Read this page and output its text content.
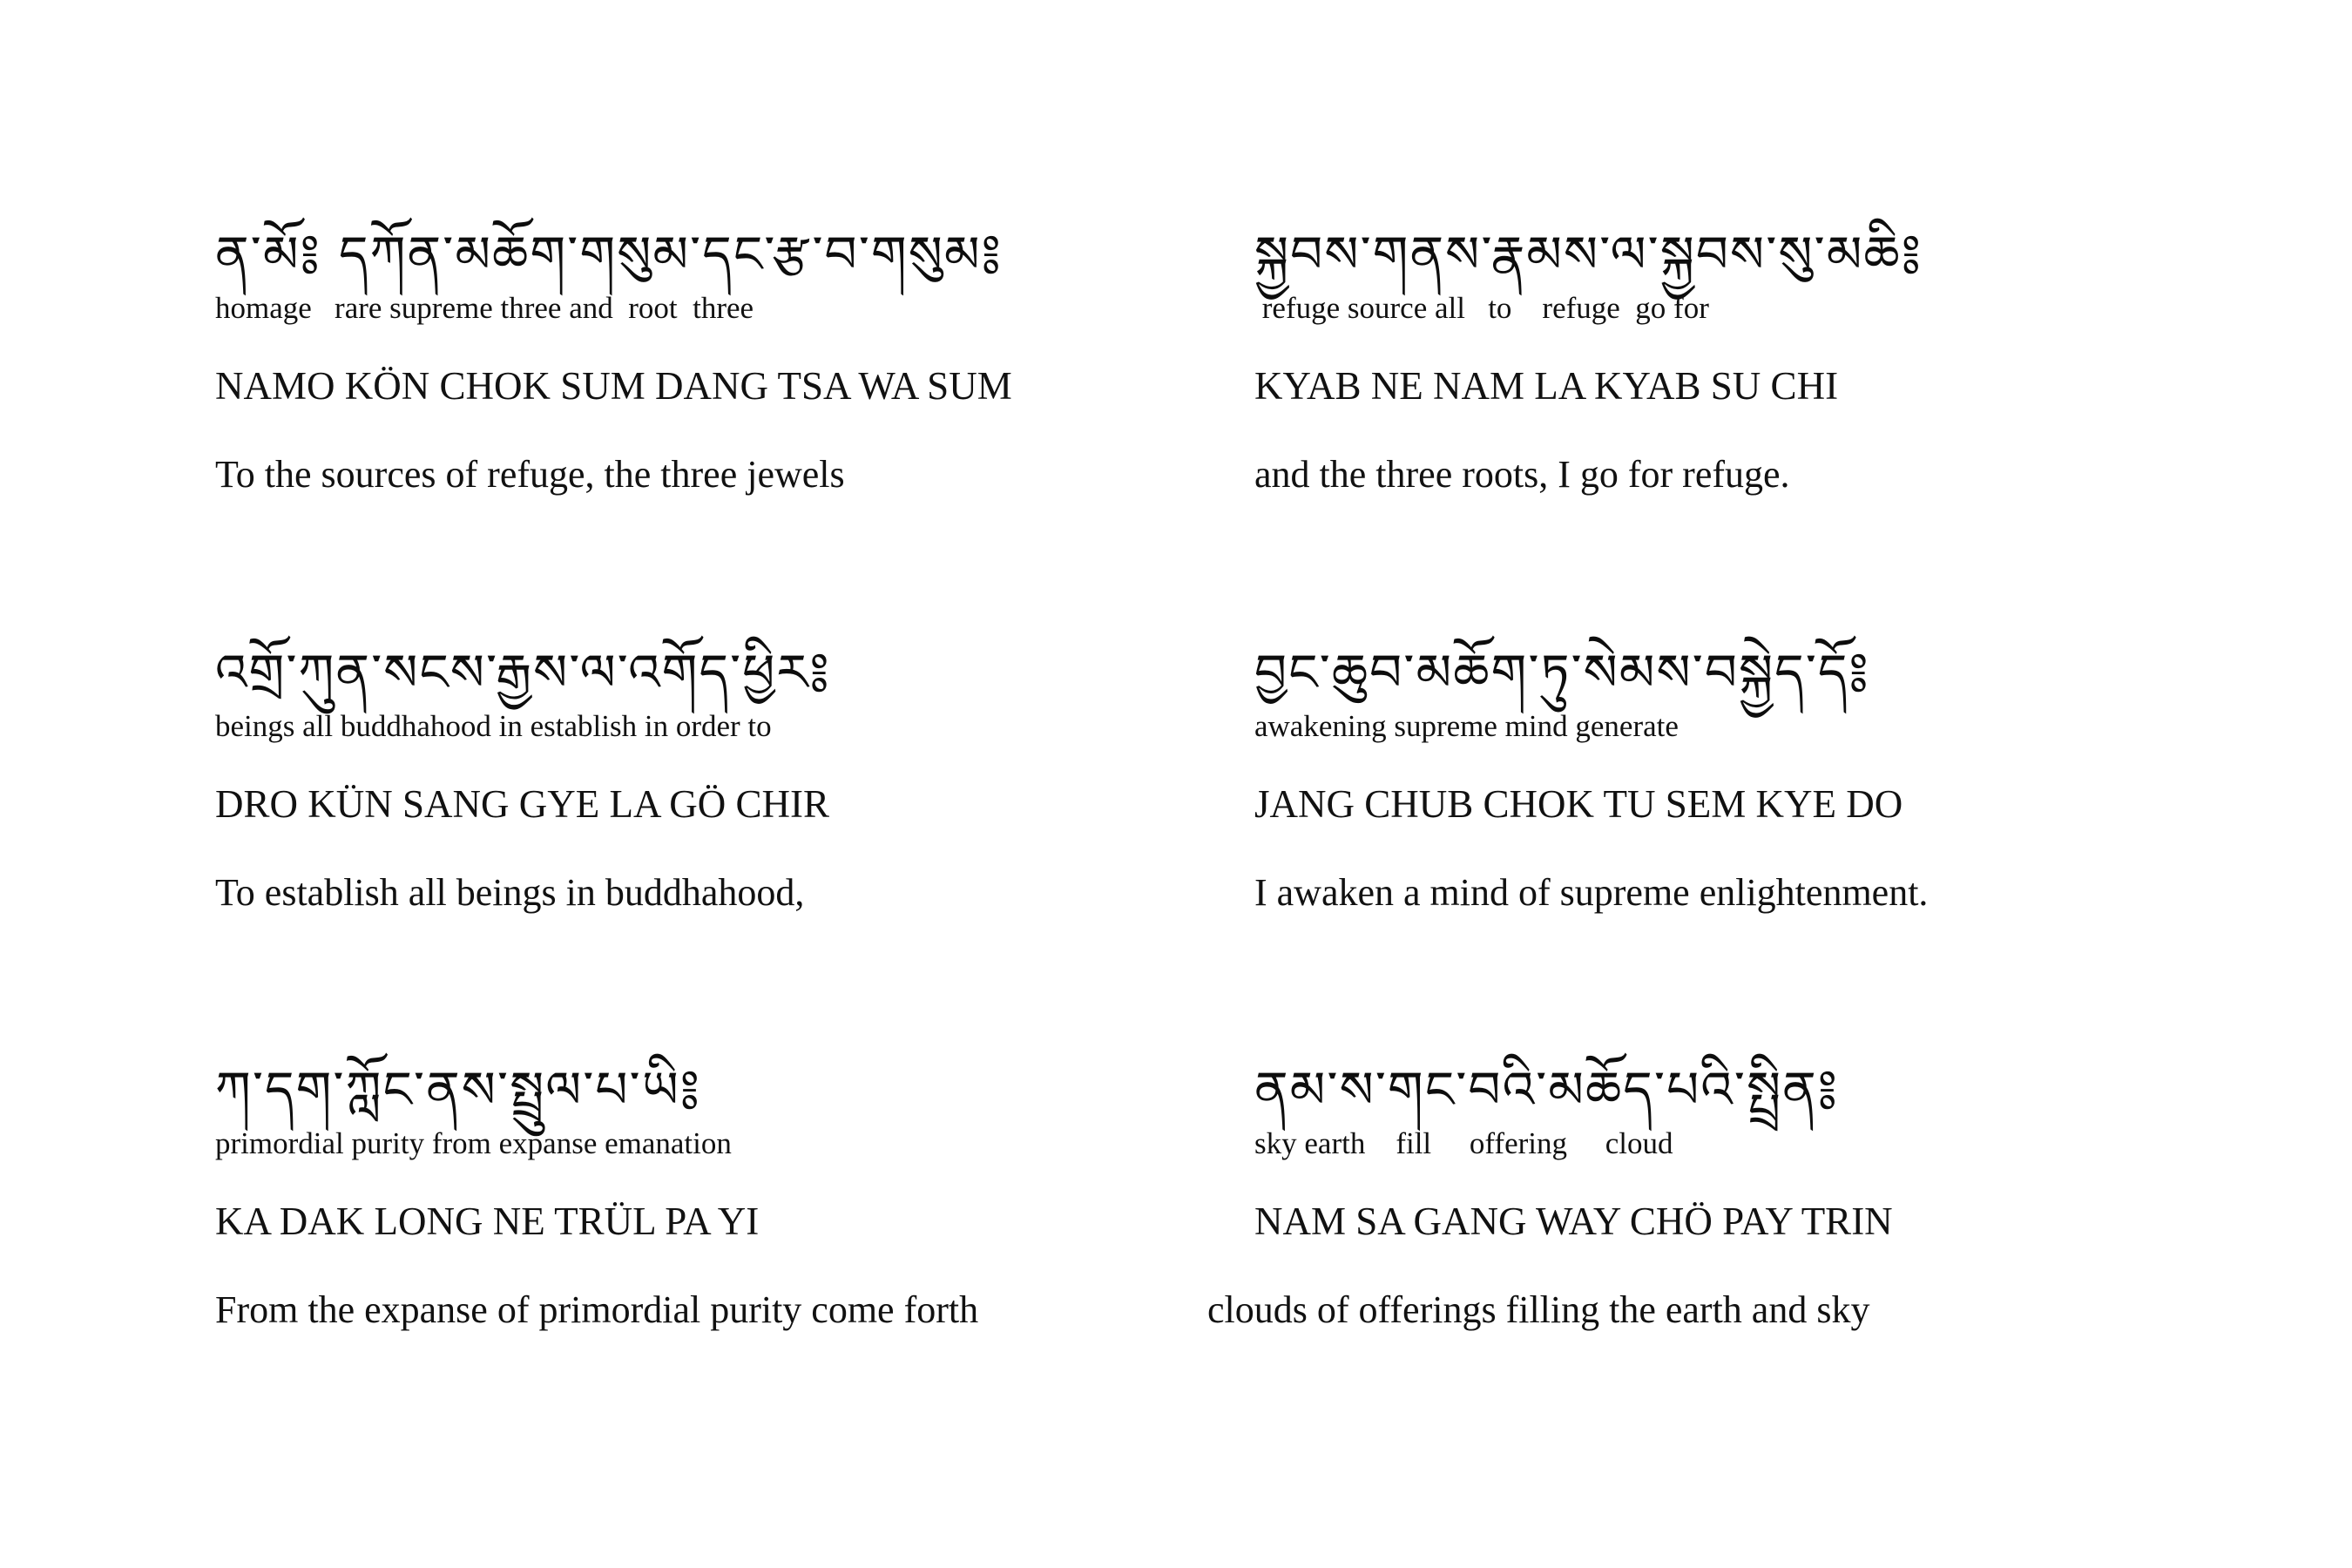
ན་མོ༔ དཀོན་མཆོག་གསུམ་དང་རྩ་བ་གསུམ༔
homage   rare supreme three and  root  three
NAMO KÖN CHOK SUM DANG TSA WA SUM
To the sources of refuge, the three jewels
སྐྱབས་གནས་རྣམས་ལ་སྐྱབས་སུ་མཆི༔
refuge source all   to    refuge  go for
KYAB NE NAM LA KYAB SU CHI
and the three roots, I go for refuge.
འགྲོ་ཀུན་སངས་རྒྱས་ལ་འགོད་ཕྱིར༔
beings all buddhahood in establish in order to
DRO KÜN SANG GYE LA GÖ CHIR
To establish all beings in buddhahood,
བྱང་ཆུབ་མཆོག་ཏུ་སེམས་བསྐྱེད་དོ༔
awakening supreme mind generate
JANG CHUB CHOK TU SEM KYE DO
I awaken a mind of supreme enlightenment.
ཀ་དག་ཀློང་ནས་སྤྲུལ་པ་ཡི༔
primordial purity from expanse emanation
KA DAK LONG NE TRÜL PA YI
From the expanse of primordial purity come forth
ནམ་ས་གང་བའི་མཆོད་པའི་སྤྲིན༔
sky earth    fill     offering     cloud
NAM SA GANG WAY CHÖ PAY TRIN
clouds of offerings filling the earth and sky
